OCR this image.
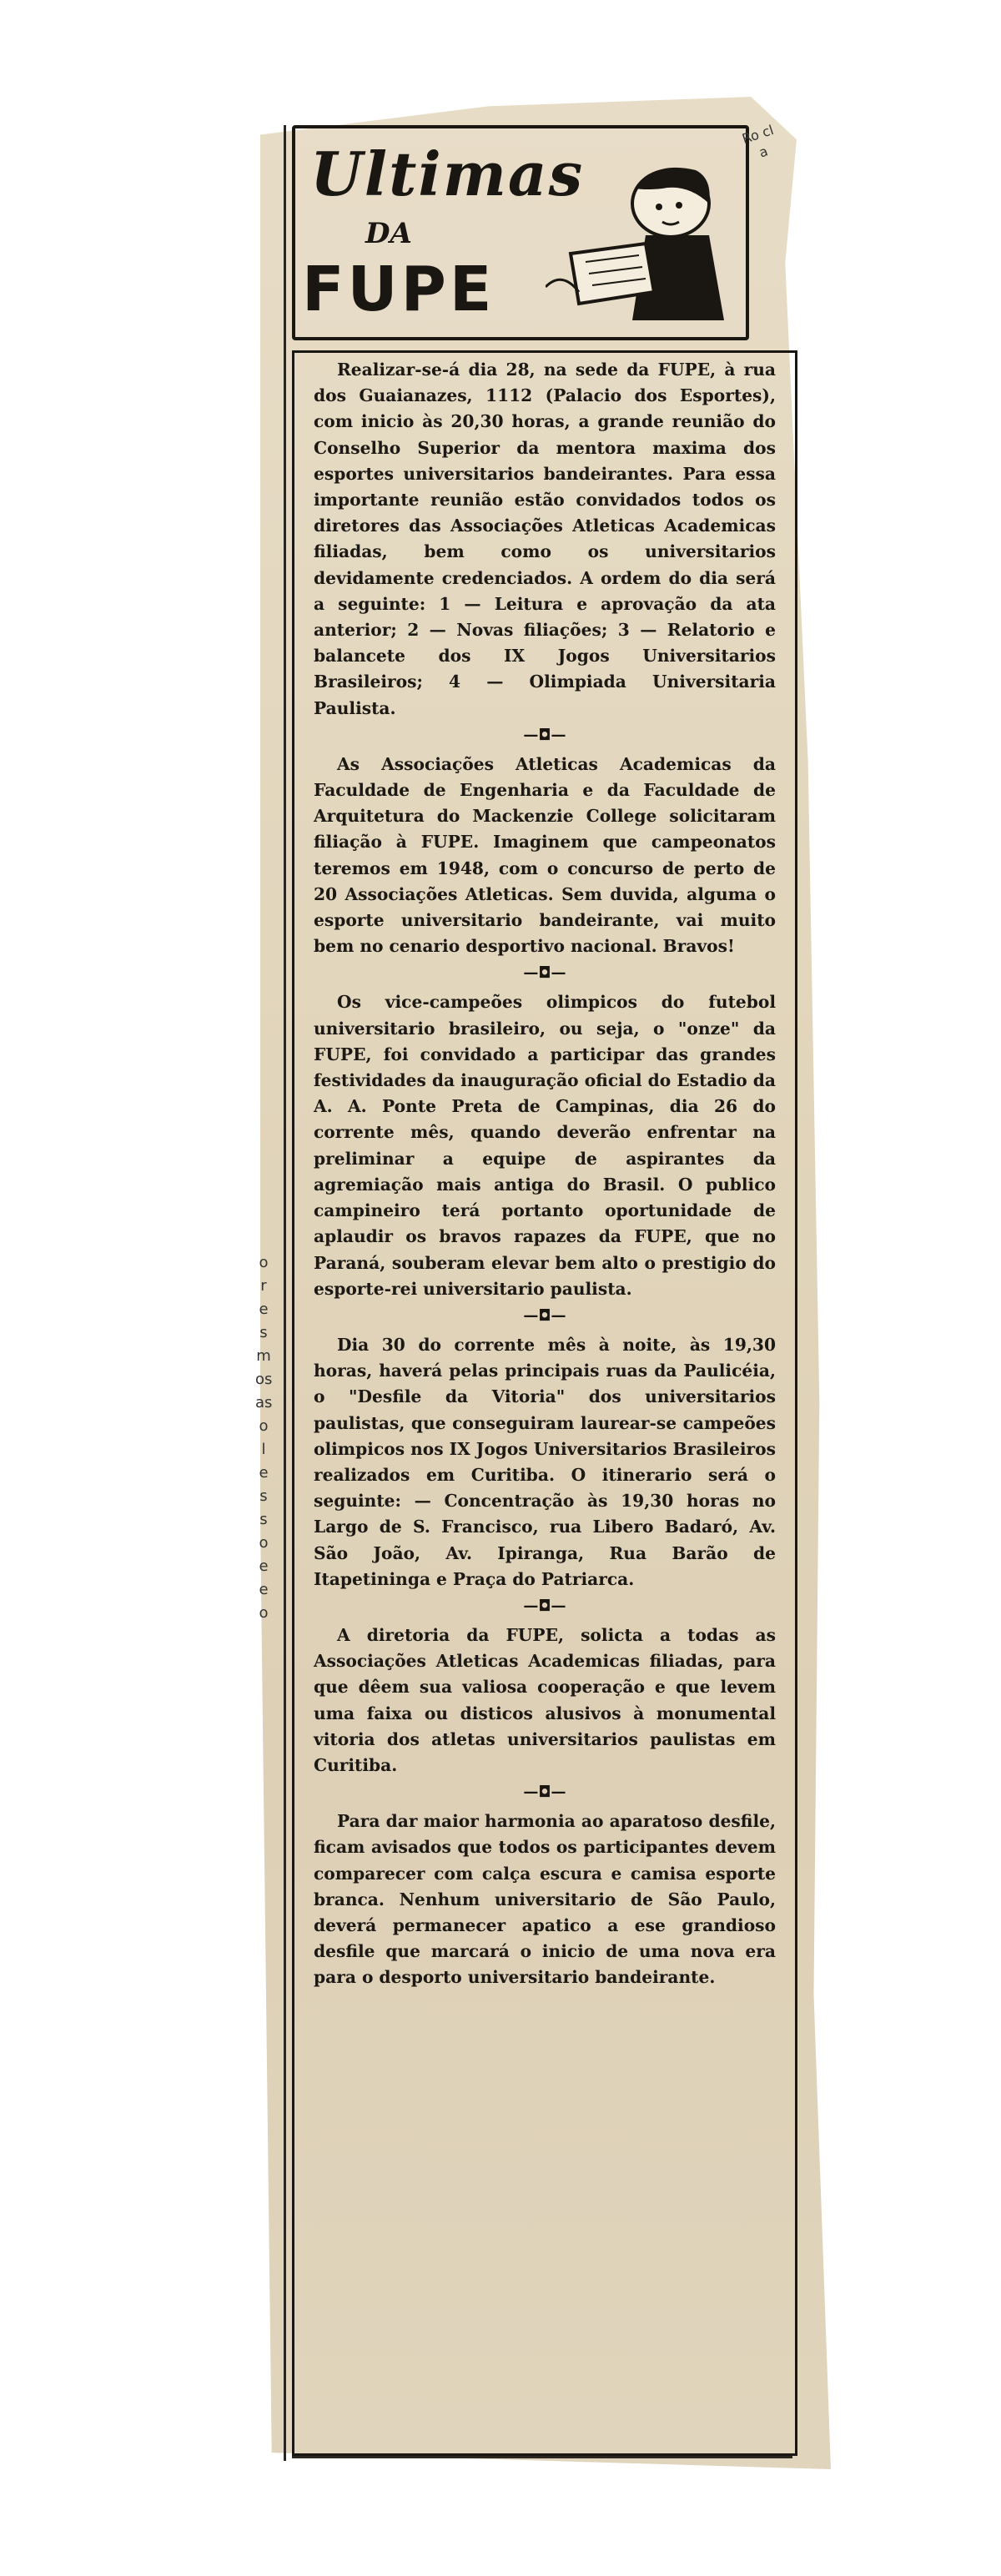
o
r
e
s
m
os
as
o
l
e
s
s
o
e
e
o
Ultimas
DA
FUPE
Ro cl a

Realizar-se-á dia 28, na sede da FUPE, à rua dos Guaianazes, 1112 (Palacio dos Esportes), com inicio às 20,30 horas, a grande reunião do Conselho Superior da mentora maxima dos esportes universitarios bandeirantes. Para essa importante reunião estão convidados todos os diretores das Associações Atleticas Academicas filiadas, bem como os universitarios devidamente credenciados. A ordem do dia será a seguinte: 1 — Leitura e aprovação da ata anterior; 2 — Novas filiações; 3 — Relatorio e balancete dos IX Jogos Universitarios Brasileiros; 4 — Olimpiada Universitaria Paulista.

—◘—

As Associações Atleticas Academicas da Faculdade de Engenharia e da Faculdade de Arquitetura do Mackenzie College solicitaram filiação à FUPE. Imaginem que campeonatos teremos em 1948, com o concurso de perto de 20 Associações Atleticas. Sem duvida, alguma o esporte universitario bandeirante, vai muito bem no cenario desportivo nacional. Bravos!

—◘—

Os vice-campeões olimpicos do futebol universitario brasileiro, ou seja, o "onze" da FUPE, foi convidado a participar das grandes festividades da inauguração oficial do Estadio da A. A. Ponte Preta de Campinas, dia 26 do corrente mês, quando deverão enfrentar na preliminar a equipe de aspirantes da agremiação mais antiga do Brasil. O publico campineiro terá portanto oportunidade de aplaudir os bravos rapazes da FUPE, que no Paraná, souberam elevar bem alto o prestigio do esporte-rei universitario paulista.

—◘—

Dia 30 do corrente mês à noite, às 19,30 horas, haverá pelas principais ruas da Paulicéia, o "Desfile da Vitoria" dos universitarios paulistas, que conseguiram laurear-se campeões olimpicos nos IX Jogos Universitarios Brasileiros realizados em Curitiba. O itinerario será o seguinte: — Concentração às 19,30 horas no Largo de S. Francisco, rua Libero Badaró, Av. São João, Av. Ipiranga, Rua Barão de Itapetininga e Praça do Patriarca.

—◘—

A diretoria da FUPE, solicta a todas as Associações Atleticas Academicas filiadas, para que dêem sua valiosa cooperação e que levem uma faixa ou disticos alusivos à monumental vitoria dos atletas universitarios paulistas em Curitiba.

—◘—

Para dar maior harmonia ao aparatoso desfile, ficam avisados que todos os participantes devem comparecer com calça escura e camisa esporte branca. Nenhum universitario de São Paulo, deverá permanecer apatico a ese grandioso desfile que marcará o inicio de uma nova era para o desporto universitario bandeirante.
